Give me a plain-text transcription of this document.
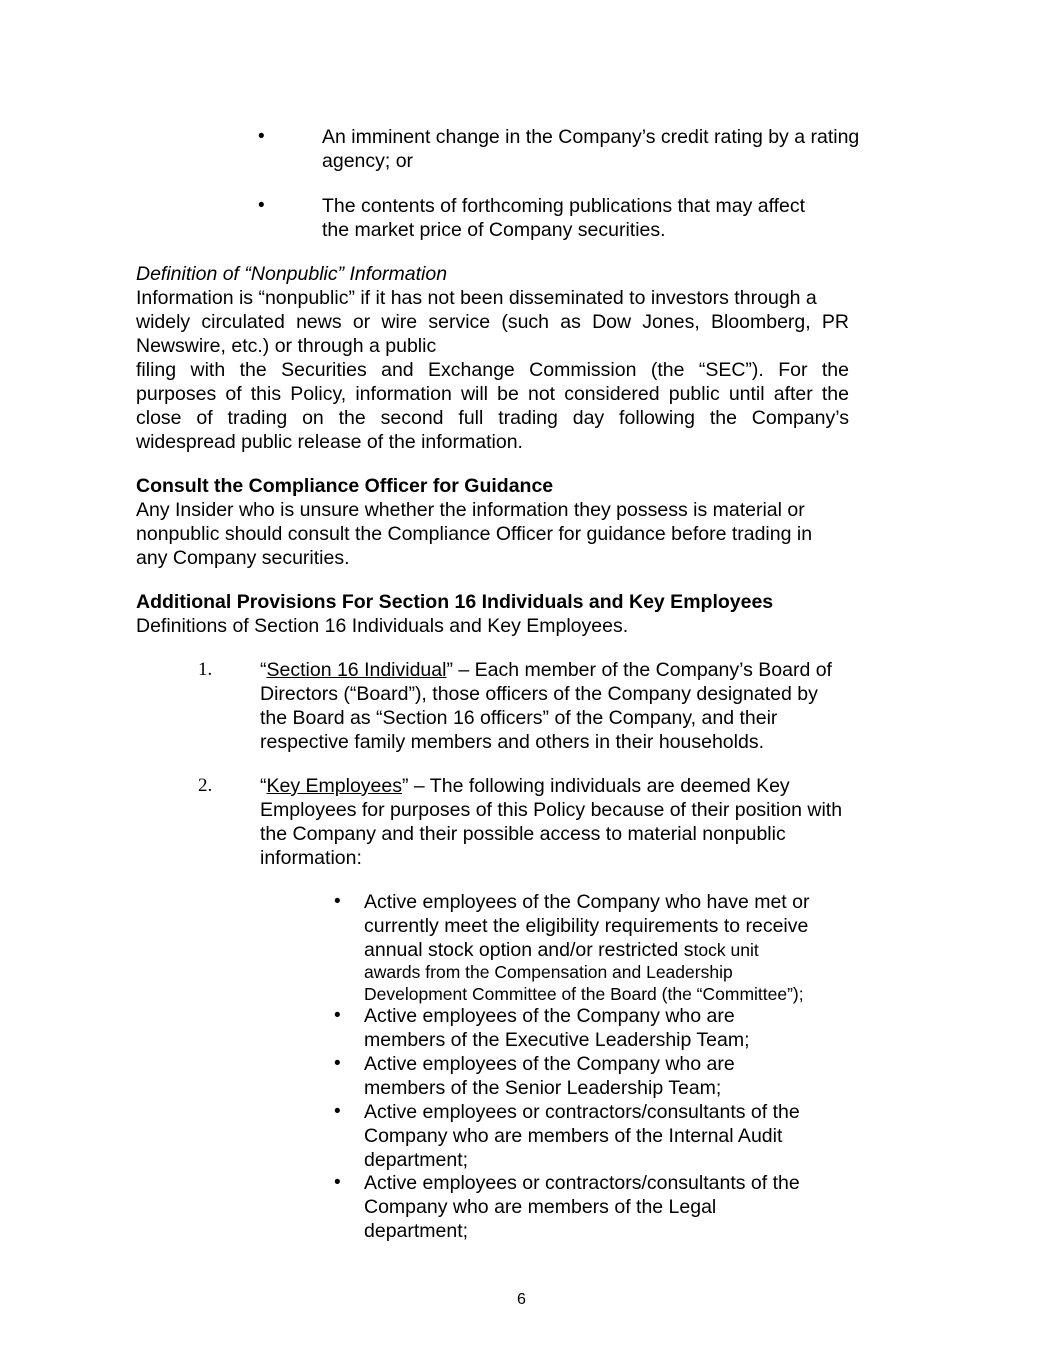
•	An imminent change in the Company’s credit rating by a rating
agency; or
•	The contents of forthcoming publications that may affect
the market price of Company securities.
Definition of “Nonpublic” Information
Information is “nonpublic” if it has not been disseminated to investors through a
widely circulated news or wire service (such as Dow Jones, Bloomberg, PR
Newswire, etc.) or through a public
filing with the Securities and Exchange Commission (the “SEC”). For the
purposes of this Policy, information will be not considered public until after the
close of trading on the second full trading day following the Company’s
widespread public release of the information.
Consult the Compliance Officer for Guidance
Any Insider who is unsure whether the information they possess is material or
nonpublic should consult the Compliance Officer for guidance before trading in
any Company securities.
Additional Provisions For Section 16 Individuals and Key Employees
Definitions of Section 16 Individuals and Key Employees.
1. “Section 16 Individual” – Each member of the Company’s Board of
Directors (“Board”), those officers of the Company designated by
the Board as “Section 16 officers” of the Company, and their
respective family members and others in their households.
2. “Key Employees” – The following individuals are deemed Key
Employees for purposes of this Policy because of their position with
the Company and their possible access to material nonpublic
information:
• Active employees of the Company who have met or
currently meet the eligibility requirements to receive
annual stock option and/or restricted stock unit
awards from the Compensation and Leadership
Development Committee of the Board (the “Committee”);
• Active employees of the Company who are
members of the Executive Leadership Team;
• Active employees of the Company who are
members of the Senior Leadership Team;
• Active employees or contractors/consultants of the
Company who are members of the Internal Audit
department;
• Active employees or contractors/consultants of the
Company who are members of the Legal
department;
6
